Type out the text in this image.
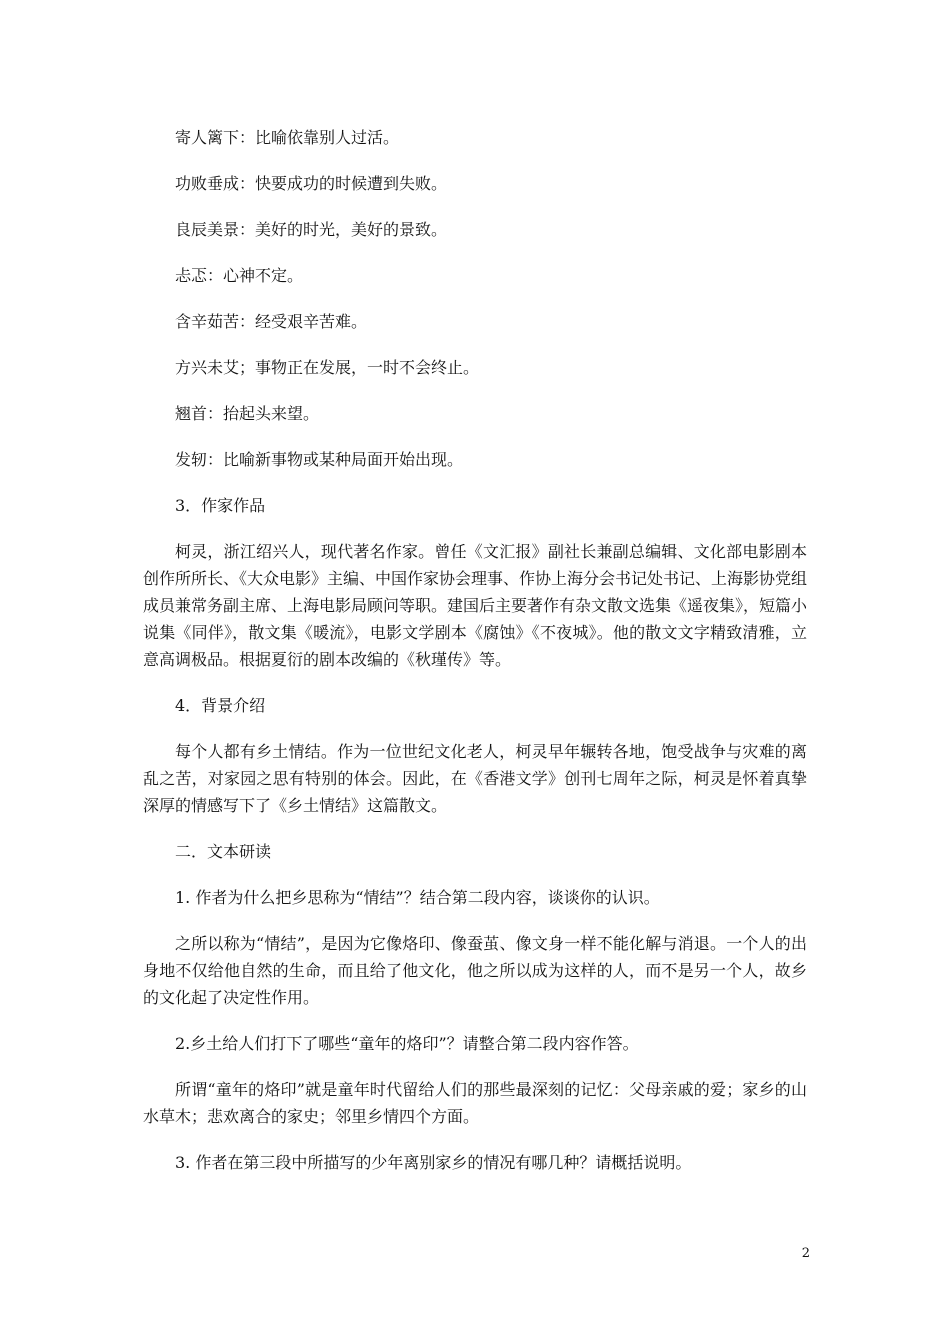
寄人篱下：比喻依靠别人过活。

功败垂成：快要成功的时候遭到失败。

良辰美景：美好的时光，美好的景致。

忐忑：心神不定。

含辛茹苦：经受艰辛苦难。

方兴未艾；事物正在发展，一时不会终止。

翘首：抬起头来望。

发轫：比喻新事物或某种局面开始出现。

3．作家作品

柯灵，浙江绍兴人，现代著名作家。曾任《文汇报》副社长兼副总编辑、文化部电影剧本创作所所长、《大众电影》主编、中国作家协会理事、作协上海分会书记处书记、上海影协党组成员兼常务副主席、上海电影局顾问等职。建国后主要著作有杂文散文选集《遥夜集》，短篇小说集《同伴》，散文集《暖流》，电影文学剧本《腐蚀》《不夜城》。他的散文文字精致清雅，立意高调极品。根据夏衍的剧本改编的《秋瑾传》等。

4．背景介绍

每个人都有乡土情结。作为一位世纪文化老人，柯灵早年辗转各地，饱受战争与灾难的离乱之苦，对家园之思有特别的体会。因此，在《香港文学》创刊七周年之际，柯灵是怀着真挚深厚的情感写下了《乡土情结》这篇散文。

二．文本研读

1. 作者为什么把乡思称为“情结”？结合第二段内容，谈谈你的认识。

之所以称为“情结”，是因为它像烙印、像蚕茧、像文身一样不能化解与消退。一个人的出身地不仅给他自然的生命，而且给了他文化，他之所以成为这样的人，而不是另一个人，故乡的文化起了决定性作用。

2.乡土给人们打下了哪些“童年的烙印”？请整合第二段内容作答。

所谓“童年的烙印”就是童年时代留给人们的那些最深刻的记忆：父母亲戚的爱；家乡的山水草木；悲欢离合的家史；邻里乡情四个方面。

3. 作者在第三段中所描写的少年离别家乡的情况有哪几种？请概括说明。

2
